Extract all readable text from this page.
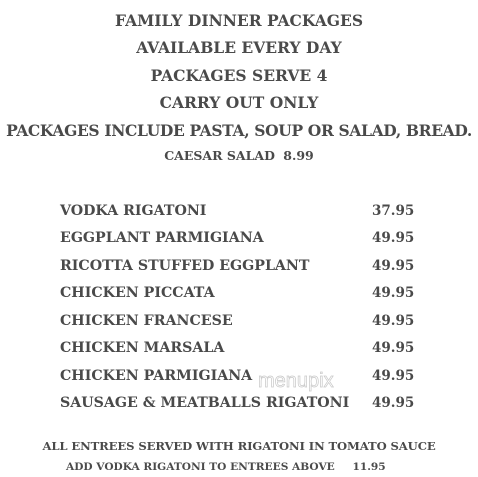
FAMILY DINNER PACKAGES
AVAILABLE EVERY DAY
PACKAGES SERVE 4
CARRY OUT ONLY
PACKAGES INCLUDE PASTA, SOUP OR SALAD, BREAD.
CAESAR SALAD 8.99
VODKA RIGATONI	37.95
EGGPLANT PARMIGIANA	49.95
RICOTTA STUFFED EGGPLANT	49.95
CHICKEN PICCATA	49.95
CHICKEN FRANCESE	49.95
CHICKEN MARSALA	49.95
CHICKEN PARMIGIANA	49.95
SAUSAGE & MEATBALLS RIGATONI 49.95
ALL ENTREES SERVED WITH RIGATONI IN TOMATO SAUCE
ADD VODKA RIGATONI TO ENTREES ABOVE 11.95
menupix
